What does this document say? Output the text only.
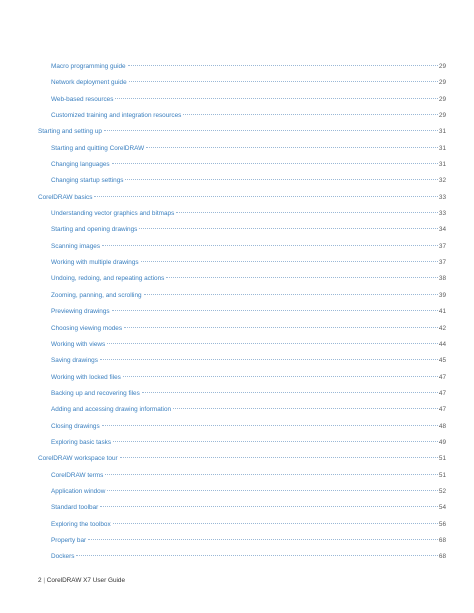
Macro programming guide	29
Network deployment guide	29
Web-based resources	29
Customized training and integration resources	29
Starting and setting up	31
Starting and quitting CorelDRAW	31
Changing languages	31
Changing startup settings	32
CorelDRAW basics	33
Understanding vector graphics and bitmaps	33
Starting and opening drawings	34
Scanning images	37
Working with multiple drawings	37
Undoing, redoing, and repeating actions	38
Zooming, panning, and scrolling	39
Previewing drawings	41
Choosing viewing modes	42
Working with views	44
Saving drawings	45
Working with locked files	47
Backing up and recovering files	47
Adding and accessing drawing information	47
Closing drawings	48
Exploring basic tasks	49
CorelDRAW workspace tour	51
CorelDRAW terms	51
Application window	52
Standard toolbar	54
Exploring the toolbox	56
Property bar	68
Dockers	68
2 | CorelDRAW X7 User Guide
